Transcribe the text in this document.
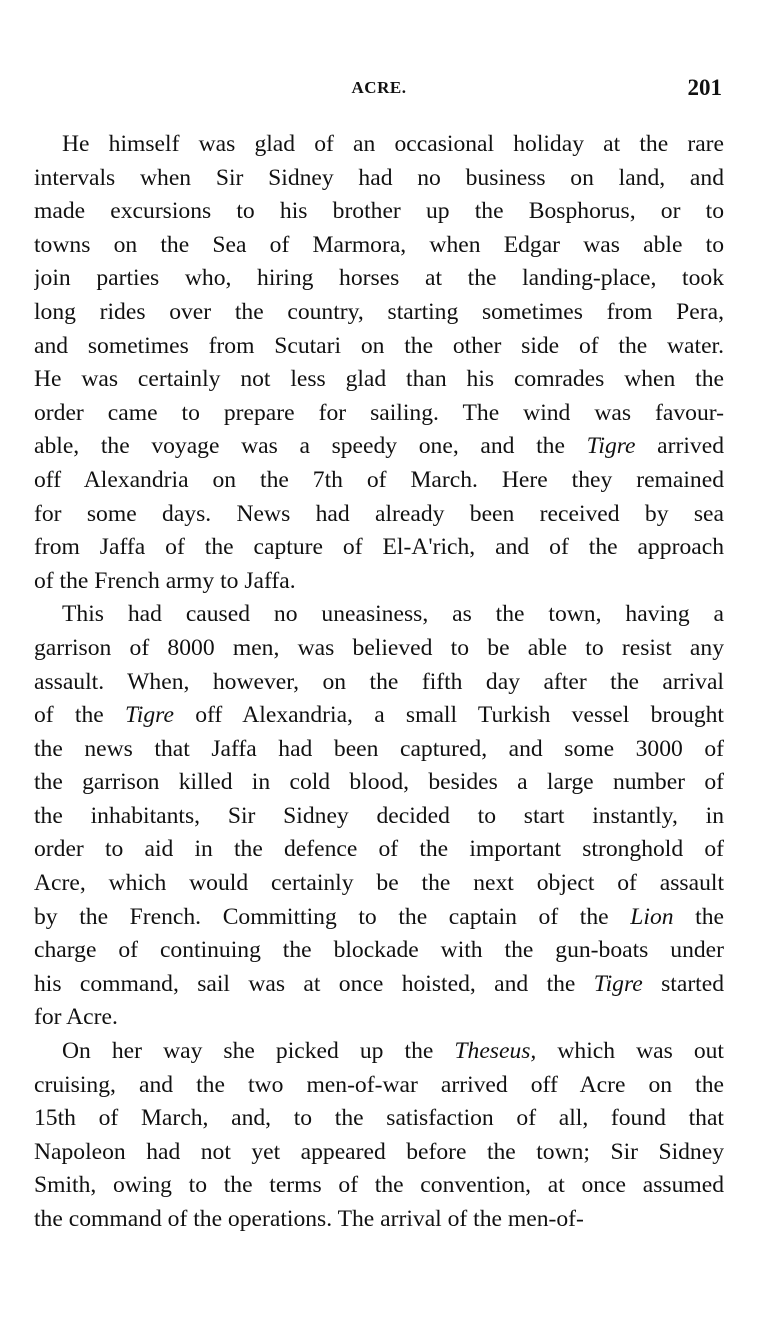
ACRE.	201
He himself was glad of an occasional holiday at the rare
intervals when Sir Sidney had no business on land, and
made excursions to his brother up the Bosphorus, or to
towns on the Sea of Marmora, when Edgar was able to
join parties who, hiring horses at the landing-place, took
long rides over the country, starting sometimes from Pera,
and sometimes from Scutari on the other side of the water.
He was certainly not less glad than his comrades when the
order came to prepare for sailing. The wind was favour-
able, the voyage was a speedy one, and the Tigre arrived
off Alexandria on the 7th of March. Here they remained
for some days. News had already been received by sea
from Jaffa of the capture of El-A'rich, and of the approach
of the French army to Jaffa.
This had caused no uneasiness, as the town, having a
garrison of 8000 men, was believed to be able to resist any
assault. When, however, on the fifth day after the arrival
of the Tigre off Alexandria, a small Turkish vessel brought
the news that Jaffa had been captured, and some 3000 of
the garrison killed in cold blood, besides a large number of
the inhabitants, Sir Sidney decided to start instantly, in
order to aid in the defence of the important stronghold of
Acre, which would certainly be the next object of assault
by the French. Committing to the captain of the Lion the
charge of continuing the blockade with the gun-boats under
his command, sail was at once hoisted, and the Tigre started
for Acre.
On her way she picked up the Theseus, which was out
cruising, and the two men-of-war arrived off Acre on the
15th of March, and, to the satisfaction of all, found that
Napoleon had not yet appeared before the town; Sir Sidney
Smith, owing to the terms of the convention, at once assumed
the command of the operations. The arrival of the men-of-
